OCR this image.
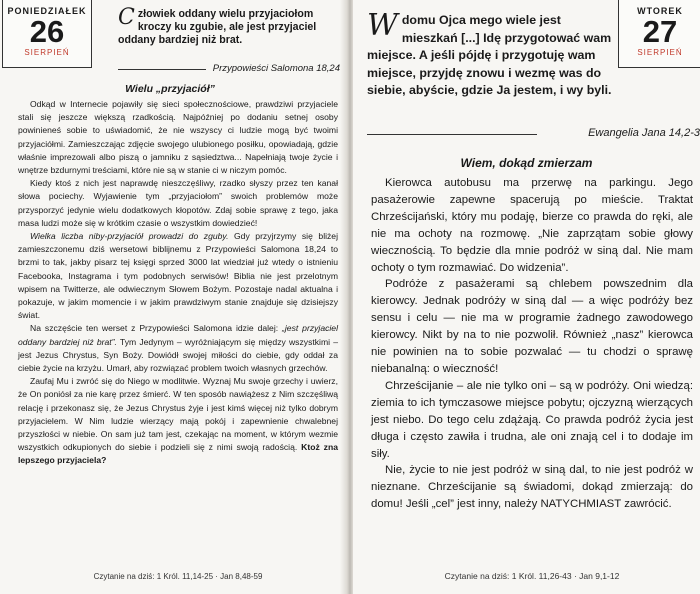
PONIEDZIAŁEK
26
SIERPIEŃ
Człowiek oddany wielu przyjaciołom kroczy ku zgubie, ale jest przyjaciel oddany bardziej niż brat.
Przypowieści Salomona 18,24
Wielu „przyjaciół”

Odkąd w Internecie pojawiły się sieci społecznościowe, prawdziwi przyjaciele stali się jeszcze większą rzadkością. Najpóźniej po dodaniu setnej osoby powinieneś sobie to uświadomić, że nie wszyscy ci ludzie mogą być twoimi przyjaciółmi. Zamieszczając zdjęcie swojego ulubionego posiłku, opowiadają, gdzie właśnie imprezowali albo piszą o jamniku z sąsiedztwa... Napełniają twoje życie i wnętrze bzdurnymi treściami, które nie są w stanie ci w niczym pomóc.

Kiedy ktoś z nich jest naprawdę nieszczęśliwy, rzadko słyszy przez ten kanał słowa pociechy. Wyjawienie tym „przyjaciołom” swoich problemów może przysporzyć jedynie wielu dodatkowych kłopotów. Zdaj sobie sprawę z tego, jaka masa ludzi może się w krótkim czasie o wszystkim dowiedzieć!

Wielka liczba niby-przyjaciół prowadzi do zguby. Gdy przyjrzymy się bliżej zamieszczonemu dziś wersetowi biblijnemu z Przypowieści Salomona 18,24 to brzmi to tak, jakby pisarz tej księgi sprzed 3000 lat wiedział już wtedy o istnieniu Facebooka, Instagrama i tym podobnych serwisów! Biblia nie jest przelotnym wpisem na Twitterze, ale odwiecznym Słowem Bożym. Pozostaje nadal aktualna i pokazuje, w jakim momencie i w jakim prawdziwym stanie znajduje się dzisiejszy świat.

Na szczęście ten werset z Przypowieści Salomona idzie dalej: „jest przyjaciel oddany bardziej niż brat”. Tym Jedynym – wyróżniającym się między wszystkimi – jest Jezus Chrystus, Syn Boży. Dowiódł swojej miłości do ciebie, gdy oddał za ciebie życie na krzyżu. Umarł, aby rozwiązać problem twoich własnych grzechów.

Zaufaj Mu i zwróć się do Niego w modlitwie. Wyznaj Mu swoje grzechy i uwierz, że On poniósł za nie karę przez śmierć. W ten sposób nawiążesz z Nim szczęśliwą relację i przekonasz się, że Jezus Chrystus żyje i jest kimś więcej niż tylko dobrym przyjacielem. W Nim ludzie wierzący mają pokój i zapewnienie chwalebnej przyszłości w niebie. On sam już tam jest, czekając na moment, w którym wezmie wszystkich odkupionych do siebie i podzieli się z nimi swoją radością. Ktoż zna lepszego przyjaciela?

Czytanie na dziś: 1 Król. 11,14-25 · Jan 8,48-59
WTOREK
27
SIERPIEŃ
Wdomu Ojca mego wiele jest mieszkań [...] Idę przygotować wam miejsce. A jeśli pójdę i przygotuję wam miejsce, przyjdę znowu i wezmę was do siebie, abyście, gdzie Ja jestem, i wy byli.
Ewangelia Jana 14,2-3
Wiem, dokąd zmierzam

Kierowca autobusu ma przerwę na parkingu. Jego pasażerowie zapewne spacerują po mieście. Traktat Chrześcijański, który mu podaję, bierze co prawda do ręki, ale nie ma ochoty na rozmowę. „Nie zaprzątam sobie głowy wiecznością. To będzie dla mnie podróż w siną dal. Nie mam ochoty o tym rozmawiać. Do widzenia”.

Podróże z pasażerami są chlebem powszednim dla kierowcy. Jednak podróży w siną dal — a więc podróży bez sensu i celu — nie ma w programie żadnego zawodowego kierowcy. Nikt by na to nie pozwolił. Również „nasz” kierowca nie powinien na to sobie pozwalać — tu chodzi o sprawę niebanalną: o wieczność!

Chrześcijanie – ale nie tylko oni – są w podróży. Oni wiedzą: ziemia to ich tymczasowe miejsce pobytu; ojczyzną wierzących jest niebo. Do tego celu zdążają. Co prawda podróż życia jest długa i często zawiła i trudna, ale oni znają cel i to dodaje im siły.

Nie, życie to nie jest podróż w siną dal, to nie jest podróż w nieznane. Chrześcijanie są świadomi, dokąd zmierzają: do domu! Jeśli „cel” jest inny, należy NATYCHMIAST zawrócić.

Czytanie na dziś: 1 Król. 11,26-43 · Jan 9,1-12
